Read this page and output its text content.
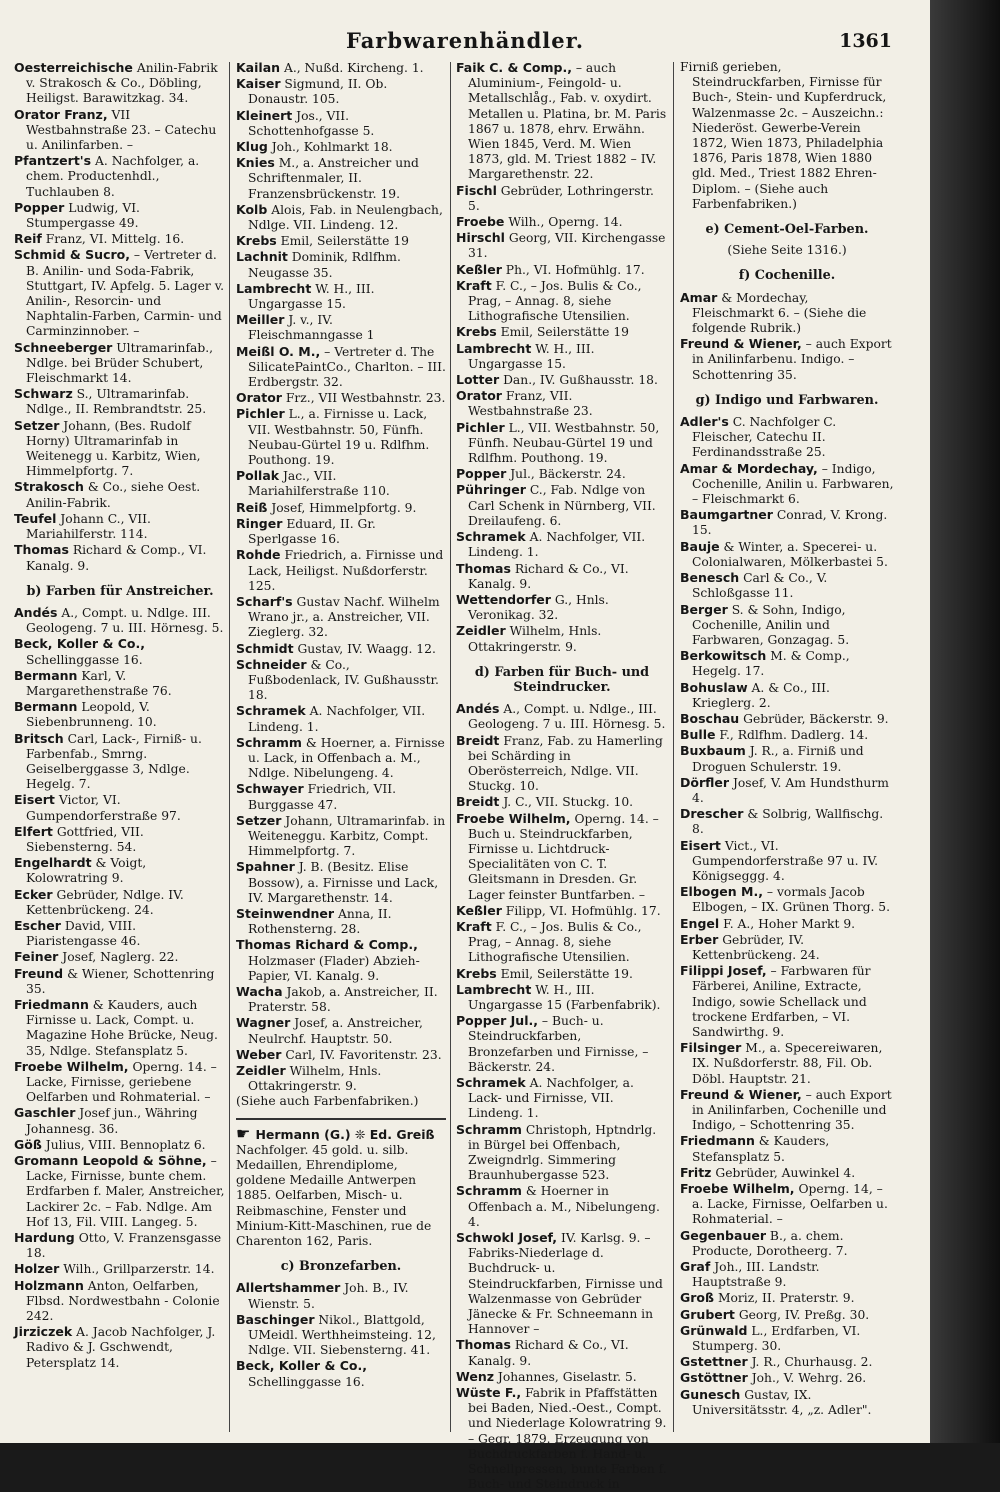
Farbwarenhändler.	1361

Oesterreichische Anilin-Fabrik v. Strakosch & Co., Döbling, Heiligst. Barawitzkag. 34.

Orator Franz, VII Westbahnstraße 23. – Catechu u. Anilinfarben. –

Pfantzert's A. Nachfolger, a. chem. Productenhdl., Tuchlauben 8.

Popper Ludwig, VI. Stumpergasse 49.

Reif Franz, VI. Mittelg. 16.

Schmid & Sucro, – Vertreter d. B. Anilin- und Soda-Fabrik, Stuttgart, IV. Apfelg. 5. Lager v. Anilin-, Resorcin- und Naphtalin-Farben, Carmin- und Carminzinnober. –

Schneeberger Ultramarinfab., Ndlge. bei Brüder Schubert, Fleischmarkt 14.

Schwarz S., Ultramarinfab. Ndlge., II. Rembrandtstr. 25.

Setzer Johann, (Bes. Rudolf Horny) Ultramarinfab in Weitenegg u. Karbitz, Wien, Himmelpfortg. 7.

Strakosch & Co., siehe Oest. Anilin-Fabrik.

Teufel Johann C., VII. Mariahilferstr. 114.

Thomas Richard & Comp., VI. Kanalg. 9.

b) Farben für Anstreicher.

Andés A., Compt. u. Ndlge. III. Geologeng. 7 u. III. Hörnesg. 5.

Beck, Koller & Co., Schellinggasse 16.

Bermann Karl, V. Margarethenstraße 76.

Bermann Leopold, V. Siebenbrunneng. 10.

Britsch Carl, Lack-, Firniß- u. Farbenfab., Smrng. Geiselberggasse 3, Ndlge. Hegelg. 7.

Eisert Victor, VI. Gumpendorferstraße 97.

Elfert Gottfried, VII. Siebensterng. 54.

Engelhardt & Voigt, Kolowratring 9.

Ecker Gebrüder, Ndlge. IV. Kettenbrückeng. 24.

Escher David, VIII. Piaristengasse 46.

Feiner Josef, Naglerg. 22.

Freund & Wiener, Schottenring 35.

Friedmann & Kauders, auch Firnisse u. Lack, Compt. u. Magazine Hohe Brücke, Neug. 35, Ndlge. Stefansplatz 5.

Froebe Wilhelm, Operng. 14. – Lacke, Firnisse, geriebene Oelfarben und Rohmaterial. –

Gaschler Josef jun., Währing Johannesg. 36.

Göß Julius, VIII. Bennoplatz 6.

Gromann Leopold & Söhne, – Lacke, Firnisse, bunte chem. Erdfarben f. Maler, Anstreicher, Lackirer 2c. – Fab. Ndlge. Am Hof 13, Fil. VIII. Langeg. 5.

Hardung Otto, V. Franzensgasse 18.

Holzer Wilh., Grillparzerstr. 14.

Holzmann Anton, Oelfarben, Flbsd. Nordwestbahn - Colonie 242.

Jirziczek A. Jacob Nachfolger, J. Radivo & J. Gschwendt, Petersplatz 14.

Kailan A., Nußd. Kircheng. 1.

Kaiser Sigmund, II. Ob. Donaustr. 105.

Kleinert Jos., VII. Schottenhofgasse 5.

Klug Joh., Kohlmarkt 18.

Knies M., a. Anstreicher und Schriftenmaler, II. Franzensbrückenstr. 19.

Kolb Alois, Fab. in Neulengbach, Ndlge. VII. Lindeng. 12.

Krebs Emil, Seilerstätte 19

Lachnit Dominik, Rdlfhm. Neugasse 35.

Lambrecht W. H., III. Ungargasse 15.

Meiller J. v., IV. Fleischmanngasse 1

Meißl O. M., – Vertreter d. The SilicatePaintCo., Charlton. – III. Erdbergstr. 32.

Orator Frz., VII Westbahnstr. 23.

Pichler L., a. Firnisse u. Lack, VII. Westbahnstr. 50, Fünfh. Neubau-Gürtel 19 u. Rdlfhm. Pouthong. 19.

Pollak Jac., VII. Mariahilferstraße 110.

Reiß Josef, Himmelpfortg. 9.

Ringer Eduard, II. Gr. Sperlgasse 16.

Rohde Friedrich, a. Firnisse und Lack, Heiligst. Nußdorferstr. 125.

Scharf's Gustav Nachf. Wilhelm Wrano jr., a. Anstreicher, VII. Zieglerg. 32.

Schmidt Gustav, IV. Waagg. 12.

Schneider & Co., Fußbodenlack, IV. Gußhausstr. 18.

Schramek A. Nachfolger, VII. Lindeng. 1.

Schramm & Hoerner, a. Firnisse u. Lack, in Offenbach a. M., Ndlge. Nibelungeng. 4.

Schwayer Friedrich, VII. Burggasse 47.

Setzer Johann, Ultramarinfab. in Weiteneggu. Karbitz, Compt. Himmelpfortg. 7.

Spahner J. B. (Besitz. Elise Bossow), a. Firnisse und Lack, IV. Margarethenstr. 14.

Steinwendner Anna, II. Rothensterng. 28.

Thomas Richard & Comp., Holzmaser (Flader) Abzieh-Papier, VI. Kanalg. 9.

Wacha Jakob, a. Anstreicher, II. Praterstr. 58.

Wagner Josef, a. Anstreicher, Neulrchf. Hauptstr. 50.

Weber Carl, IV. Favoritenstr. 23.

Zeidler Wilhelm, Hnls. Ottakringerstr. 9.

(Siehe auch Farbenfabriken.)

☛ Hermann (G.) ❊ Ed. Greiß Nachfolger. 45 gold. u. silb. Medaillen, Ehrendiplome, goldene Medaille Antwerpen 1885. Oelfarben, Misch- u. Reibmaschine, Fenster und Minium-Kitt-Maschinen, rue de Charenton 162, Paris.

c) Bronzefarben.

Allertshammer Joh. B., IV. Wienstr. 5.

Baschinger Nikol., Blattgold, UMeidl. Werthheimsteing. 12, Ndlge. VII. Siebensterng. 41.

Beck, Koller & Co., Schellinggasse 16.

Faik C. & Comp., – auch Aluminium-, Feingold- u. Metallschlåg., Fab. v. oxydirt. Metallen u. Platina, br. M. Paris 1867 u. 1878, ehrv. Erwähn. Wien 1845, Verd. M. Wien 1873, gld. M. Triest 1882 – IV. Margarethenstr. 22.

Fischl Gebrüder, Lothringerstr. 5.

Froebe Wilh., Operng. 14.

Hirschl Georg, VII. Kirchengasse 31.

Keßler Ph., VI. Hofmühlg. 17.

Kraft F. C., – Jos. Bulis & Co., Prag, – Annag. 8, siehe Lithografische Utensilien.

Krebs Emil, Seilerstätte 19

Lambrecht W. H., III. Ungargasse 15.

Lotter Dan., IV. Gußhausstr. 18.

Orator Franz, VII. Westbahnstraße 23.

Pichler L., VII. Westbahnstr. 50, Fünfh. Neubau-Gürtel 19 und Rdlfhm. Pouthong. 19.

Popper Jul., Bäckerstr. 24.

Pühringer C., Fab. Ndlge von Carl Schenk in Nürnberg, VII. Dreilaufeng. 6.

Schramek A. Nachfolger, VII. Lindeng. 1.

Thomas Richard & Co., VI. Kanalg. 9.

Wettendorfer G., Hnls. Veronikag. 32.

Zeidler Wilhelm, Hnls. Ottakringerstr. 9.

d) Farben für Buch- und Steindrucker.

Andés A., Compt. u. Ndlge., III. Geologeng. 7 u. III. Hörnesg. 5.

Breidt Franz, Fab. zu Hamerling bei Schärding in Oberösterreich, Ndlge. VII. Stuckg. 10.

Breidt J. C., VII. Stuckg. 10.

Froebe Wilhelm, Operng. 14. – Buch u. Steindruckfarben, Firnisse u. Lichtdruck-Specialitäten von C. T. Gleitsmann in Dresden. Gr. Lager feinster Buntfarben. –

Keßler Filipp, VI. Hofmühlg. 17.

Kraft F. C., – Jos. Bulis & Co., Prag, – Annag. 8, siehe Lithografische Utensilien.

Krebs Emil, Seilerstätte 19.

Lambrecht W. H., III. Ungargasse 15 (Farbenfabrik).

Popper Jul., – Buch- u. Steindruckfarben, Bronzefarben und Firnisse, – Bäckerstr. 24.

Schramek A. Nachfolger, a. Lack- und Firnisse, VII. Lindeng. 1.

Schramm Christoph, Hptndrlg. in Bürgel bei Offenbach, Zweigndrlg. Simmering Braunhubergasse 523.

Schramm & Hoerner in Offenbach a. M., Nibelungeng. 4.

Schwokl Josef, IV. Karlsg. 9. – Fabriks-Niederlage d. Buchdruck- u. Steindruckfarben, Firnisse und Walzenmasse von Gebrüder Jänecke & Fr. Schneemann in Hannover –

Thomas Richard & Co., VI. Kanalg. 9.

Wenz Johannes, Giselastr. 5.

Wüste F., Fabrik in Pfaffstätten bei Baden, Nied.-Oest., Compt. und Niederlage Kolowratring 9. – Gegr. 1879. Erzeugung von Buchdruckfarben f. Hand- u. Schnellpressen, bunte Farben f. Buch- und Steindruck in

Firniß gerieben, Steindruckfarben, Firnisse für Buch-, Stein- und Kupferdruck, Walzenmasse 2c. – Auszeichn.: Niederöst. Gewerbe-Verein 1872, Wien 1873, Philadelphia 1876, Paris 1878, Wien 1880 gld. Med., Triest 1882 Ehren-Diplom. – (Siehe auch Farbenfabriken.)

e) Cement-Oel-Farben.
(Siehe Seite 1316.)
f) Cochenille.

Amar & Mordechay, Fleischmarkt 6. – (Siehe die folgende Rubrik.)

Freund & Wiener, – auch Export in Anilinfarbenu. Indigo. – Schottenring 35.

g) Indigo und Farbwaren.

Adler's C. Nachfolger C. Fleischer, Catechu II. Ferdinandsstraße 25.

Amar & Mordechay, – Indigo, Cochenille, Anilin u. Farbwaren, – Fleischmarkt 6.

Baumgartner Conrad, V. Krong. 15.

Bauje & Winter, a. Specerei- u. Colonialwaren, Mölkerbastei 5.

Benesch Carl & Co., V. Schloßgasse 11.

Berger S. & Sohn, Indigo, Cochenille, Anilin und Farbwaren, Gonzagag. 5.

Berkowitsch M. & Comp., Hegelg. 17.

Bohuslaw A. & Co., III. Krieglerg. 2.

Boschau Gebrüder, Bäckerstr. 9.

Bulle F., Rdlfhm. Dadlerg. 14.

Buxbaum J. R., a. Firniß und Droguen Schulerstr. 19.

Dörfler Josef, V. Am Hundsthurm 4.

Drescher & Solbrig, Wallfischg. 8.

Eisert Vict., VI. Gumpendorferstraße 97 u. IV. Königseggg. 4.

Elbogen M., – vormals Jacob Elbogen, – IX. Grünen Thorg. 5.

Engel F. A., Hoher Markt 9.

Erber Gebrüder, IV. Kettenbrückeng. 24.

Filippi Josef, – Farbwaren für Färberei, Aniline, Extracte, Indigo, sowie Schellack und trockene Erdfarben, – VI. Sandwirthg. 9.

Filsinger M., a. Specereiwaren, IX. Nußdorferstr. 88, Fil. Ob. Döbl. Hauptstr. 21.

Freund & Wiener, – auch Export in Anilinfarben, Cochenille und Indigo, – Schottenring 35.

Friedmann & Kauders, Stefansplatz 5.

Fritz Gebrüder, Auwinkel 4.

Froebe Wilhelm, Operng. 14, – a. Lacke, Firnisse, Oelfarben u. Rohmaterial. –

Gegenbauer B., a. chem. Producte, Dorotheerg. 7.

Graf Joh., III. Landstr. Hauptstraße 9.

Groß Moriz, II. Praterstr. 9.

Grubert Georg, IV. Preßg. 30.

Grünwald L., Erdfarben, VI. Stumperg. 30.

Gstettner J. R., Churhausg. 2.

Gstöttner Joh., V. Wehrg. 26.

Gunesch Gustav, IX. Universitätsstr. 4, „z. Adler".
